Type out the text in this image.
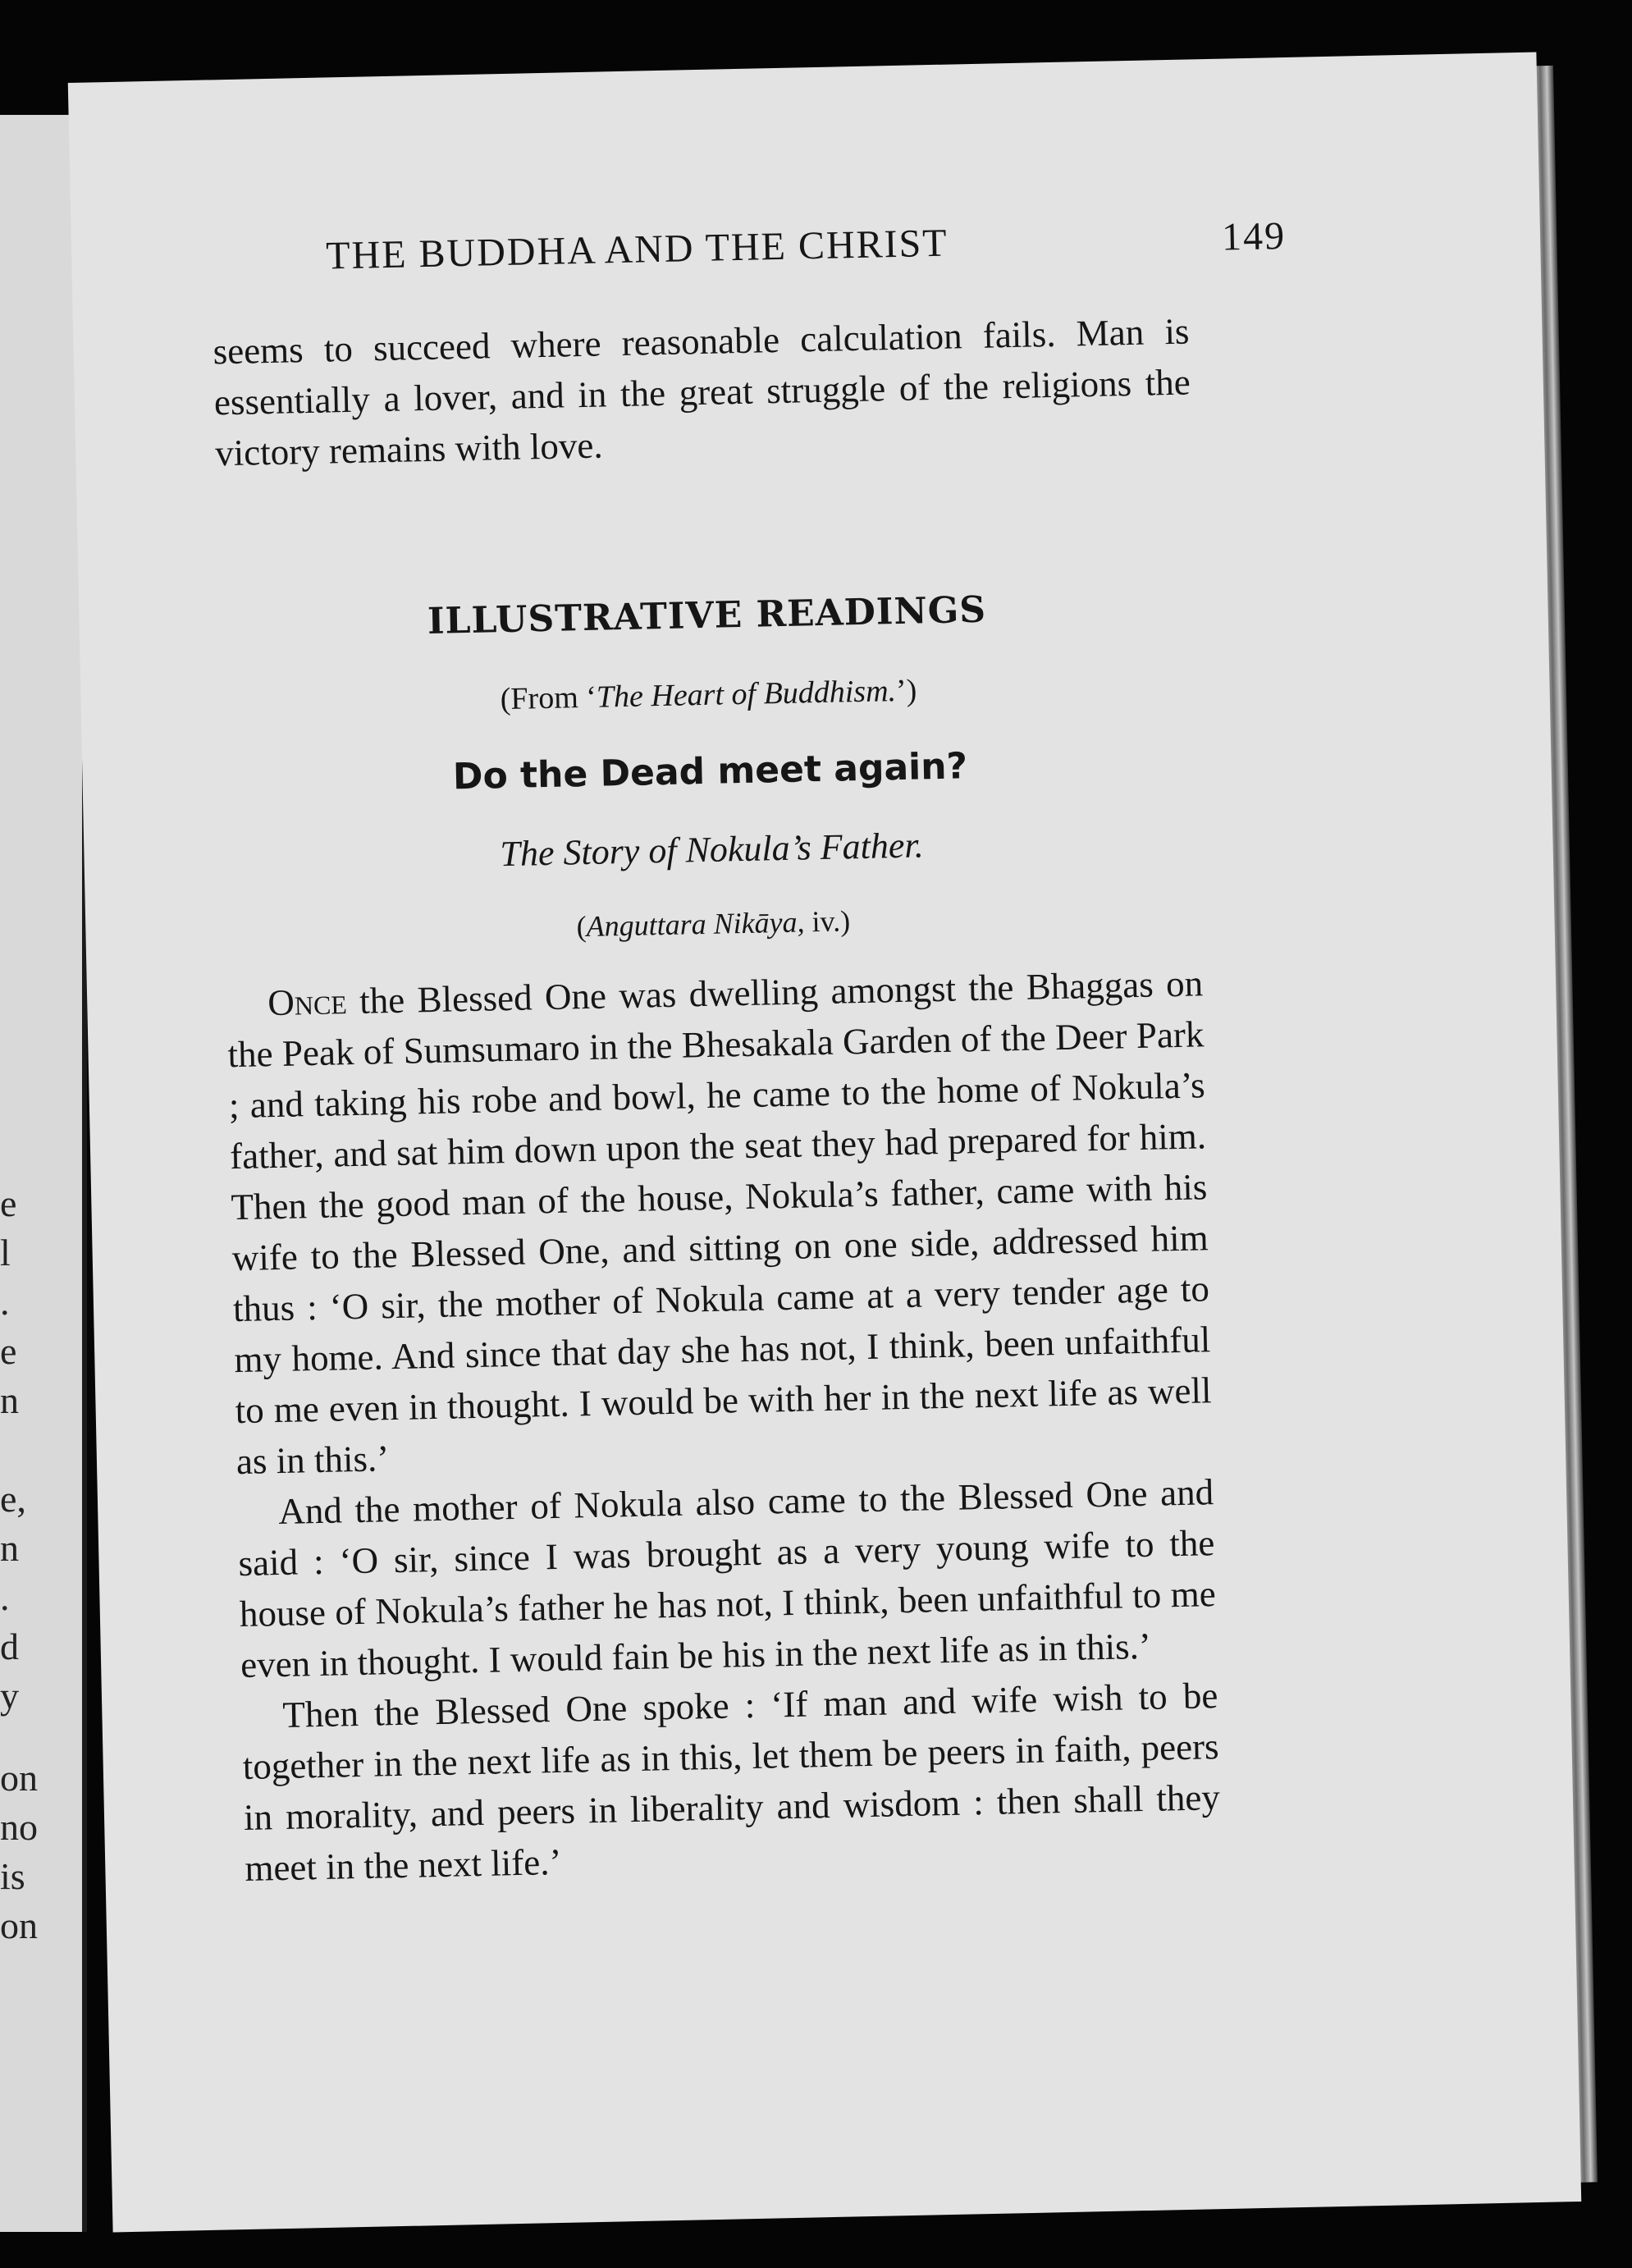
e
l
.
e
n
e,
n
.
d
y
on
no
is
on
THE BUDDHA AND THE CHRIST	149
seems to succeed where reasonable calculation fails. Man is essentially a lover, and in the great struggle of the religions the victory remains with love.
ILLUSTRATIVE READINGS
(From ‘The Heart of Buddhism.’)
Do the Dead meet again?
The Story of Nokula’s Father.
(Anguttara Nikāya, iv.)

Once the Blessed One was dwelling amongst the Bhaggas on the Peak of Sumsumaro in the Bhesakala Garden of the Deer Park ; and taking his robe and bowl, he came to the home of Nokula’s father, and sat him down upon the seat they had prepared for him. Then the good man of the house, Nokula’s father, came with his wife to the Blessed One, and sitting on one side, addressed him thus : ‘O sir, the mother of Nokula came at a very tender age to my home. And since that day she has not, I think, been unfaithful to me even in thought. I would be with her in the next life as well as in this.’

And the mother of Nokula also came to the Blessed One and said : ‘O sir, since I was brought as a very young wife to the house of Nokula’s father he has not, I think, been unfaithful to me even in thought. I would fain be his in the next life as in this.’

Then the Blessed One spoke : ‘If man and wife wish to be together in the next life as in this, let them be peers in faith, peers in morality, and peers in liberality and wisdom : then shall they meet in the next life.’
